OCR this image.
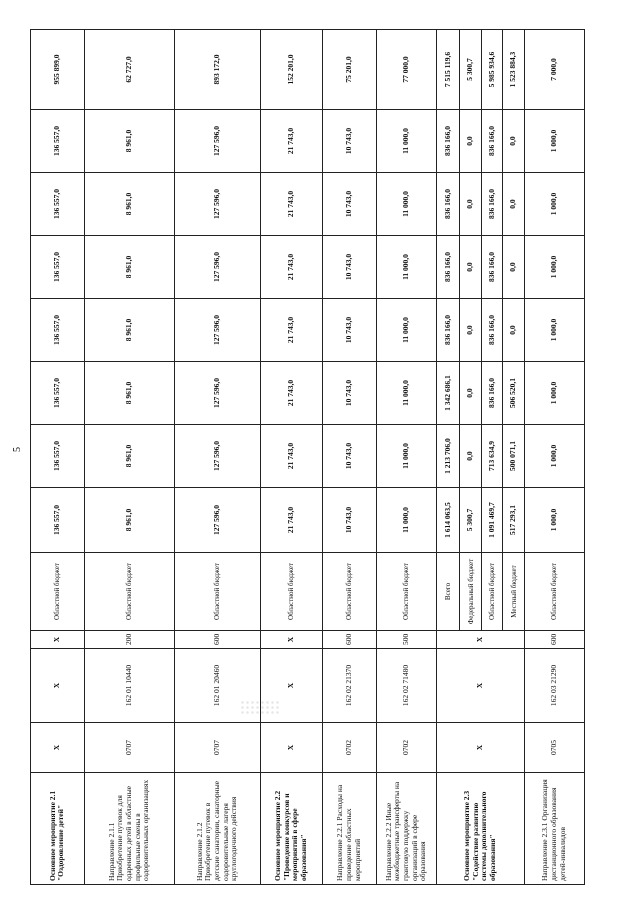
5
Основное мероприятие 2.1 "Оздоровление детей"	X	X	X	Областной бюджет	136 557,0	136 557,0	136 557,0	136 557,0	136 557,0	136 557,0	136 557,0	955 899,0
Направление 2.1.1 Приобретение путевок для одаренных детей в областные профильные смены в оздоровительных организациях	0707	162 01 10440	200	Областной бюджет	8 961,0	8 961,0	8 961,0	8 961,0	8 961,0	8 961,0	8 961,0	62 727,0
Направление 2.1.2 Приобретение путевок в детские санатории, санаторные оздоровительные лагеря круглогодичного действия	0707	162 01 20460	600	Областной бюджет	127 596,0	127 596,0	127 596,0	127 596,0	127 596,0	127 596,0	127 596,0	893 172,0
Основное мероприятие 2.2 "Проведение конкурсов и мероприятий в сфере образования"	X	X	X	Областной бюджет	21 743,0	21 743,0	21 743,0	21 743,0	21 743,0	21 743,0	21 743,0	152 201,0
Направление 2.2.1 Расходы на проведение областных мероприятий	0702	162 02 21370	600	Областной бюджет	10 743,0	10 743,0	10 743,0	10 743,0	10 743,0	10 743,0	10 743,0	75 201,0
Направление 2.2.2 Иные межбюджетные трансферты на грантовую поддержку организаций в сфере образования	0702	162 02 71480	500	Областной бюджет	11 000,0	11 000,0	11 000,0	11 000,0	11 000,0	11 000,0	11 000,0	77 000,0
Основное мероприятие 2.3 "Содействие развитию системы дополнительного образования"	X	X	X	Всего	1 614 063,5	1 213 706,0	1 342 686,1	836 166,0	836 166,0	836 166,0	836 166,0	7 515 119,6
				Федеральный бюджет	5 300,7	0,0	0,0	0,0	0,0	0,0	0,0	5 300,7
				Областной бюджет	1 091 469,7	713 634,9	836 166,0	836 166,0	836 166,0	836 166,0	836 166,0	5 985 934,6
				Местный бюджет	517 293,1	500 071,1	506 520,1	0,0	0,0	0,0	0,0	1 523 884,3
Направление 2.3.1 Организация дистанционного образования детей-инвалидов	0705	162 03 21290	600	Областной бюджет	1 000,0	1 000,0	1 000,0	1 000,0	1 000,0	1 000,0	1 000,0	7 000,0
